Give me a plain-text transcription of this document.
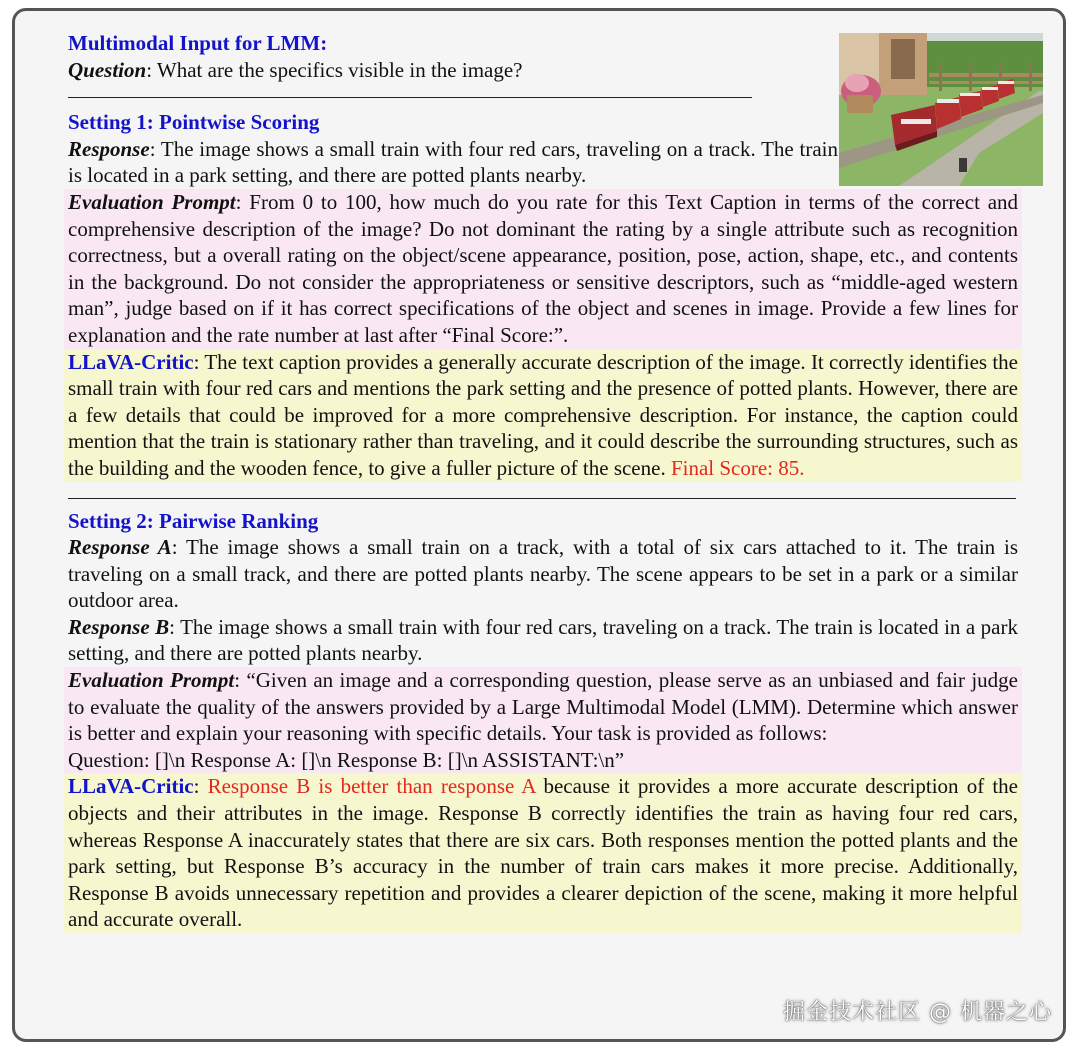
Multimodal Input for LMM:
Question: What are the specifics visible in the image?
Setting 1: Pointwise Scoring
Response: The image shows a small train with four red cars, traveling on a track. The train is located in a park setting, and there are potted plants nearby.
Evaluation Prompt: From 0 to 100, how much do you rate for this Text Caption in terms of the correct and comprehensive description of the image? Do not dominant the rating by a single attribute such as recognition correctness, but a overall rating on the object/scene appearance, position, pose, action, shape, etc., and contents in the background. Do not consider the appropriateness or sensitive descriptors, such as “middle-aged western man”, judge based on if it has correct specifications of the object and scenes in image. Provide a few lines for explanation and the rate number at last after “Final Score:”.
LLaVA-Critic: The text caption provides a generally accurate description of the image. It correctly identifies the small train with four red cars and mentions the park setting and the presence of potted plants. However, there are a few details that could be improved for a more comprehensive description. For instance, the caption could mention that the train is stationary rather than traveling, and it could describe the surrounding structures, such as the building and the wooden fence, to give a fuller picture of the scene. Final Score: 85.
Setting 2: Pairwise Ranking
Response A: The image shows a small train on a track, with a total of six cars attached to it. The train is traveling on a small track, and there are potted plants nearby. The scene appears to be set in a park or a similar outdoor area.
Response B: The image shows a small train with four red cars, traveling on a track. The train is located in a park setting, and there are potted plants nearby.
Evaluation Prompt: “Given an image and a corresponding question, please serve as an unbiased and fair judge to evaluate the quality of the answers provided by a Large Multimodal Model (LMM). Determine which answer is better and explain your reasoning with specific details. Your task is provided as follows:
Question: []\n Response A: []\n Response B: []\n ASSISTANT:\n”
LLaVA-Critic: Response B is better than response A because it provides a more accurate description of the objects and their attributes in the image. Response B correctly identifies the train as having four red cars, whereas Response A inaccurately states that there are six cars. Both responses mention the potted plants and the park setting, but Response B’s accuracy in the number of train cars makes it more precise. Additionally, Response B avoids unnecessary repetition and provides a clearer depiction of the scene, making it more helpful and accurate overall.
掘金技术社区 @ 机器之心
